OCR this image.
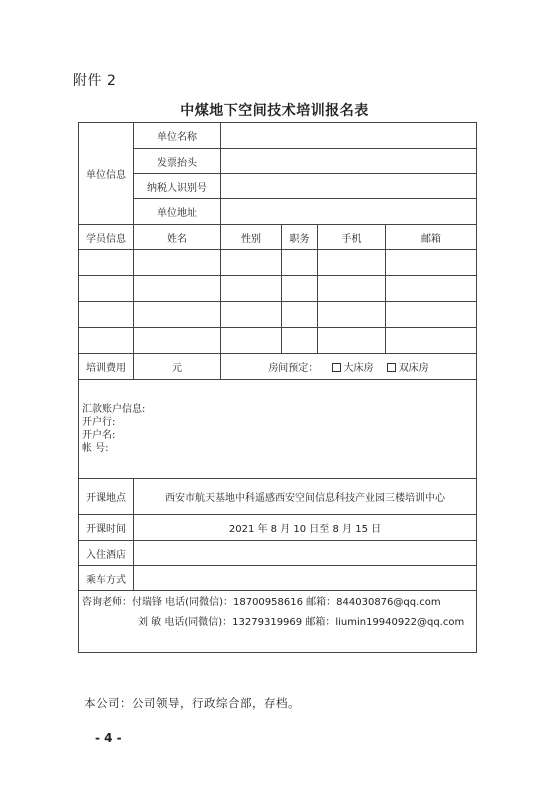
附件 2
中煤地下空间技术培训报名表
单位信息	单位名称				
	发票抬头				
	纳税人识别号				
	单位地址				
学员信息	姓名	性别	职务	手机	邮箱

培训费用	元	房间预定： 大床房 双床房			

汇款账户信息:
开户行:
开户名:
帐 号:					

开课地点	西安市航天基地中科遥感西安空间信息科技产业园三楼培训中心				
开课时间	2021 年 8 月 10 日至 8 月 15 日				
入住酒店					
乘车方式					

咨询老师：付瑞锋 电话(同微信)：18700958616 邮箱：844030876@qq.com
刘 敏 电话(同微信)：13279319969 邮箱：liumin19940922@qq.com					
本公司：公司领导，行政综合部，存档。
- 4 -
